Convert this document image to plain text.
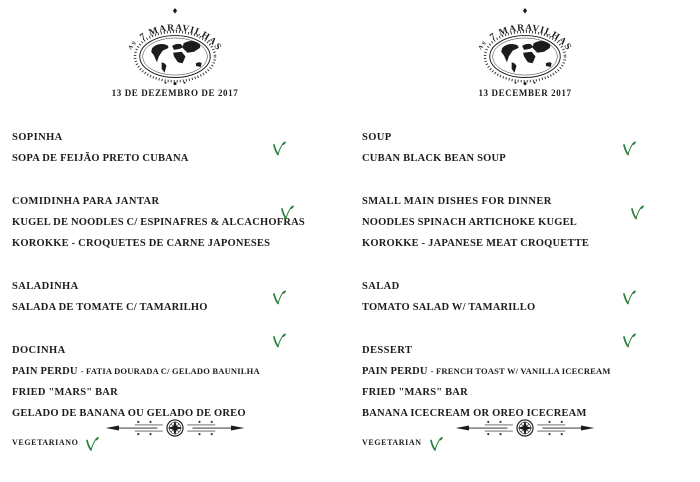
$^{AS}$ 7 MARAVILHAS
13 DE DEZEMBRO DE 2017
SOPINHA
SOPA DE FEIJÃO PRETO CUBANA
COMIDINHA PARA JANTAR
KUGEL DE NOODLES C/ ESPINAFRES & ALCACHOFRAS
KOROKKE - CROQUETES DE CARNE JAPONESES
SALADINHA
SALADA DE TOMATE C/ TAMARILHO
DOCINHA
PAIN PERDU - FATIA DOURADA C/ GELADO BAUNILHA
FRIED "MARS" BAR
GELADO DE BANANA OU GELADO DE OREO
VEGETARIANO
$^{AS}$ 7 MARAVILHAS
13 DECEMBER 2017
SOUP
CUBAN BLACK BEAN SOUP
SMALL MAIN DISHES FOR DINNER
NOODLES SPINACH ARTICHOKE KUGEL
KOROKKE - JAPANESE MEAT CROQUETTE
SALAD
TOMATO SALAD W/ TAMARILLO
DESSERT
PAIN PERDU - FRENCH TOAST W/ VANILLA ICECREAM
FRIED "MARS" BAR
BANANA ICECREAM OR OREO ICECREAM
VEGETARIAN
